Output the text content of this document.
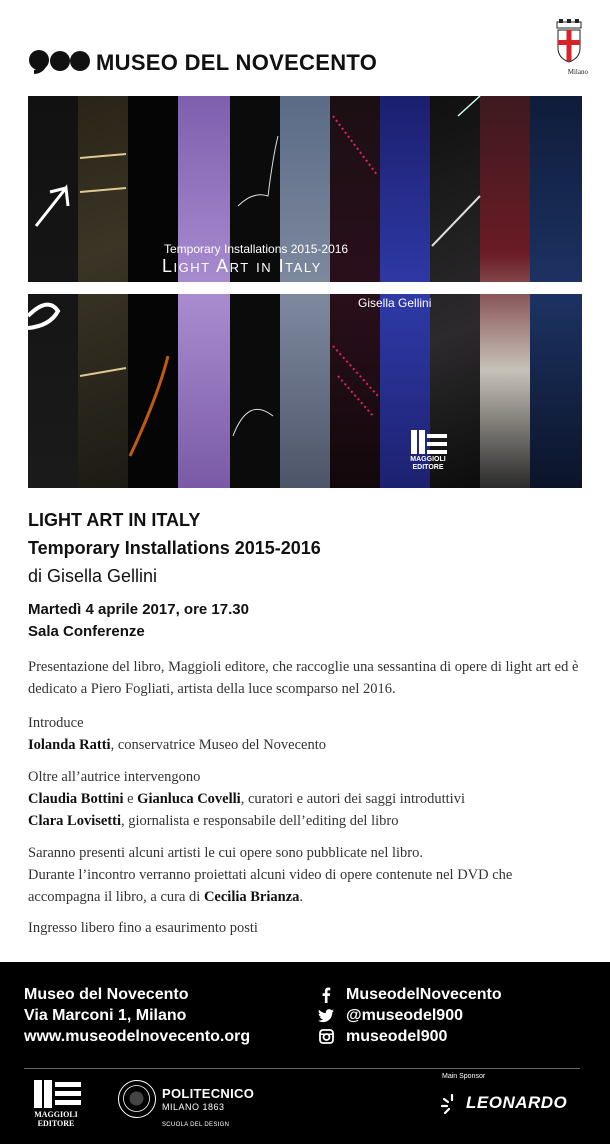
MUSEO DEL NOVECENTO	Milano
Temporary Installations 2015-2016
Light Art in Italy
Gisella Gellini
MAGGIOLI EDITORE
LIGHT ART IN ITALY
Temporary Installations 2015-2016
di Gisella Gellini
Martedì 4 aprile 2017, ore 17.30
Sala Conferenze
Presentazione del libro, Maggioli editore, che raccoglie una sessantina di opere di light art ed è dedicato a Piero Fogliati, artista della luce scomparso nel 2016.
Introduce
Iolanda Ratti, conservatrice Museo del Novecento
Oltre all’autrice intervengono
Claudia Bottini e Gianluca Covelli, curatori e autori dei saggi introduttivi
Clara Lovisetti, giornalista e responsabile dell’editing del libro
Saranno presenti alcuni artisti le cui opere sono pubblicate nel libro.
Durante l’incontro verranno proiettati alcuni video di opere contenute nel DVD che accompagna il libro, a cura di Cecilia Brianza.
Ingresso libero fino a esaurimento posti
Museo del Novecento
Via Marconi 1, Milano
www.museodelnovecento.org
MuseodelNovecento
@museodel900
museodel900
MAGGIOLI EDITORE
POLITECNICO
MILANO 1863
SCUOLA DEL DESIGN
Main Sponsor
LEONARDO
